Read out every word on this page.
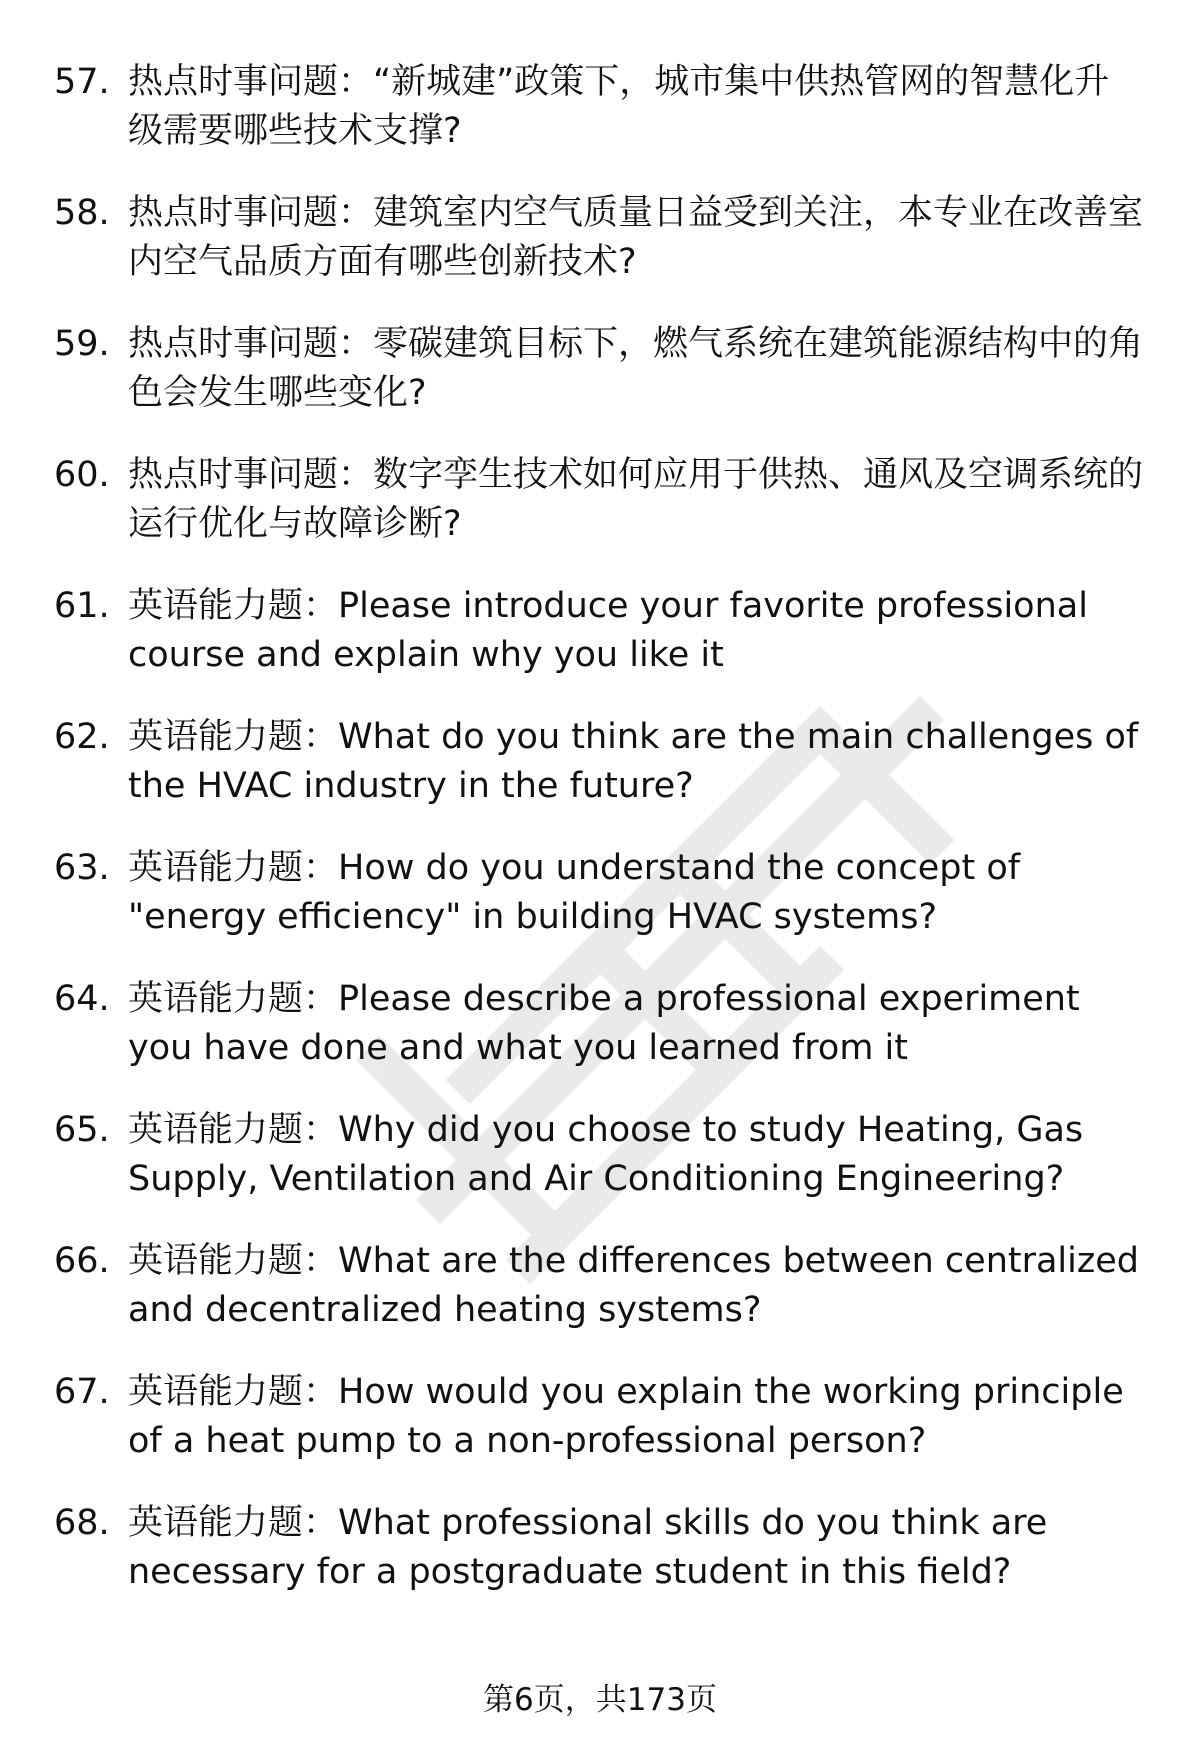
57. 热点时事问题：“新城建”政策下，城市集中供热管网的智慧化升级需要哪些技术支撑?
58. 热点时事问题：建筑室内空气质量日益受到关注，本专业在改善室内空气品质方面有哪些创新技术?
59. 热点时事问题：零碳建筑目标下，燃气系统在建筑能源结构中的角色会发生哪些变化?
60. 热点时事问题：数字孪生技术如何应用于供热、通风及空调系统的运行优化与故障诊断?
61. 英语能力题：Please introduce your favorite professional course and explain why you like it
62. 英语能力题：What do you think are the main challenges of the HVAC industry in the future?
63. 英语能力题：How do you understand the concept of "energy efficiency" in building HVAC systems?
64. 英语能力题：Please describe a professional experiment you have done and what you learned from it
65. 英语能力题：Why did you choose to study Heating, Gas Supply, Ventilation and Air Conditioning Engineering?
66. 英语能力题：What are the differences between centralized and decentralized heating systems?
67. 英语能力题：How would you explain the working principle of a heat pump to a non-professional person?
68. 英语能力题：What professional skills do you think are necessary for a postgraduate student in this field?
第6页，共173页
